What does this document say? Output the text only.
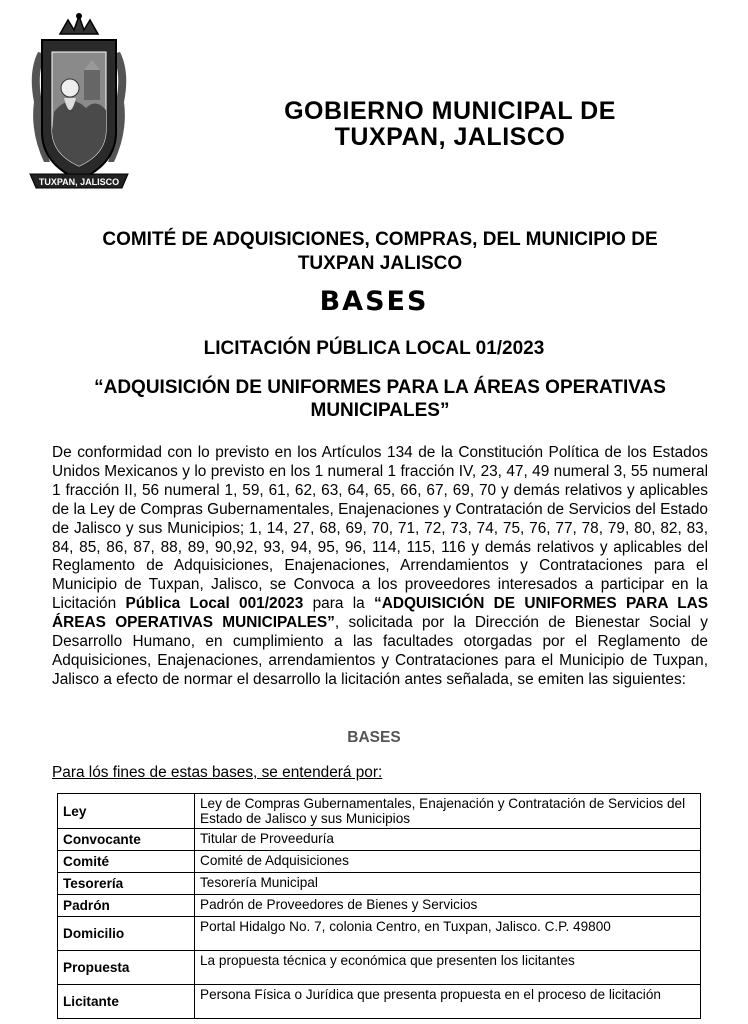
TUXPAN, JALISCO
GOBIERNO MUNICIPAL DE
TUXPAN, JALISCO
COMITÉ DE ADQUISICIONES, COMPRAS, DEL MUNICIPIO DE
TUXPAN JALISCO
BASES
LICITACIÓN PÚBLICA LOCAL 01/2023
“ADQUISICIÓN DE UNIFORMES PARA LA ÁREAS OPERATIVAS
MUNICIPALES”
De conformidad con lo previsto en los Artículos 134 de la Constitución Política de los Estados Unidos Mexicanos y lo previsto en los 1 numeral 1 fracción IV, 23, 47, 49 numeral 3, 55 numeral 1 fracción II, 56 numeral 1, 59, 61, 62, 63, 64, 65, 66, 67, 69, 70 y demás relativos y aplicables de la Ley de Compras Gubernamentales, Enajenaciones y Contratación de Servicios del Estado de Jalisco y sus Municipios; 1, 14, 27, 68, 69, 70, 71, 72, 73, 74, 75, 76, 77, 78, 79, 80, 82, 83, 84, 85, 86, 87, 88, 89, 90,92, 93, 94, 95, 96, 114, 115, 116 y demás relativos y aplicables del Reglamento de Adquisiciones, Enajenaciones, Arrendamientos y Contrataciones para el Municipio de Tuxpan, Jalisco, se Convoca a los proveedores interesados a participar en la Licitación Pública Local 001/2023 para la “ADQUISICIÓN DE UNIFORMES PARA LAS ÁREAS OPERATIVAS MUNICIPALES”, solicitada por la Dirección de Bienestar Social y Desarrollo Humano, en cumplimiento a las facultades otorgadas por el Reglamento de Adquisiciones, Enajenaciones, arrendamientos y Contrataciones para el Municipio de Tuxpan, Jalisco a efecto de normar el desarrollo la licitación antes señalada, se emiten las siguientes:
BASES
Para lós fines de estas bases, se entenderá por:
Ley	Ley de Compras Gubernamentales, Enajenación y Contratación de Servicios del Estado de Jalisco y sus Municipios
Convocante	Titular de Proveeduría
Comité	Comité de Adquisiciones
Tesorería	Tesorería Municipal
Padrón	Padrón de Proveedores de Bienes y Servicios
Domicilio	Portal Hidalgo No. 7, colonia Centro, en Tuxpan, Jalisco. C.P. 49800
Propuesta	La propuesta técnica y económica que presenten los licitantes
Licitante	Persona Física o Jurídica que presenta propuesta en el proceso de licitación
